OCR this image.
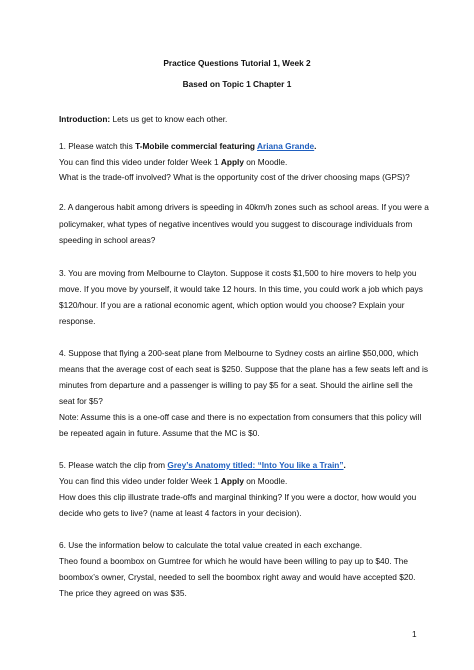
Practice Questions Tutorial 1, Week 2
Based on Topic 1 Chapter 1
Introduction: Lets us get to know each other.
1. Please watch this T-Mobile commercial featuring Ariana Grande.
You can find this video under folder Week 1 Apply on Moodle.
What is the trade-off involved? What is the opportunity cost of the driver choosing maps (GPS)?
2. A dangerous habit among drivers is speeding in 40km/h zones such as school areas. If you were a
policymaker, what types of negative incentives would you suggest to discourage individuals from
speeding in school areas?
3. You are moving from Melbourne to Clayton. Suppose it costs $1,500 to hire movers to help you
move. If you move by yourself, it would take 12 hours. In this time, you could work a job which pays
$120/hour. If you are a rational economic agent, which option would you choose? Explain your
response.
4. Suppose that flying a 200-seat plane from Melbourne to Sydney costs an airline $50,000, which
means that the average cost of each seat is $250. Suppose that the plane has a few seats left and is
minutes from departure and a passenger is willing to pay $5 for a seat. Should the airline sell the
seat for $5?
Note: Assume this is a one-off case and there is no expectation from consumers that this policy will
be repeated again in future. Assume that the MC is $0.
5. Please watch the clip from Grey’s Anatomy titled: “Into You like a Train”.
You can find this video under folder Week 1 Apply on Moodle.
How does this clip illustrate trade-offs and marginal thinking? If you were a doctor, how would you
decide who gets to live? (name at least 4 factors in your decision).
6. Use the information below to calculate the total value created in each exchange.
Theo found a boombox on Gumtree for which he would have been willing to pay up to $40. The
boombox’s owner, Crystal, needed to sell the boombox right away and would have accepted $20.
The price they agreed on was $35.
1
